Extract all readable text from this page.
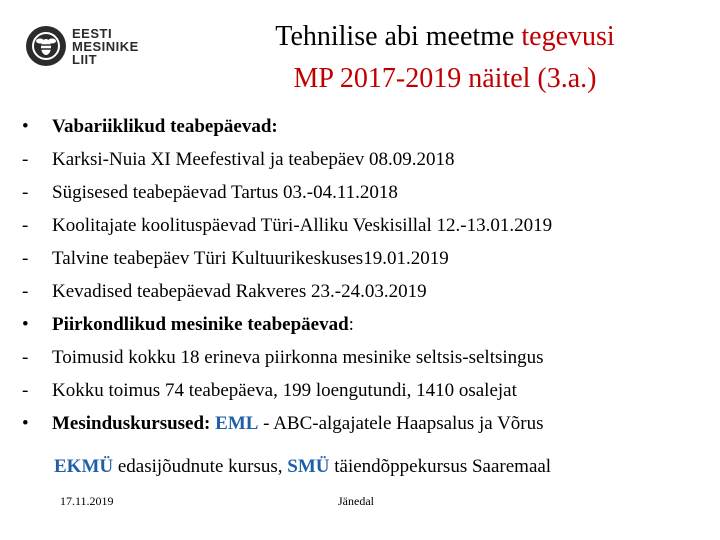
EESTI
MESINIKE
LIIT
Tehnilise abi meetme tegevusi
MP 2017-2019 näitel (3.a.)
•	Vabariiklikud teabepäevad:
-	Karksi-Nuia XI Meefestival ja teabepäev 08.09.2018
-	Sügisesed teabepäevad Tartus 03.-04.11.2018
-	Koolitajate koolituspäevad Türi-Alliku Veskisillal 12.-13.01.2019
-	Talvine teabepäev Türi Kultuurikeskuses19.01.2019
-	Kevadised teabepäevad Rakveres 23.-24.03.2019
•	Piirkondlikud mesinike teabepäevad:
-	Toimusid kokku 18 erineva piirkonna mesinike seltsis-seltsingus
-	Kokku toimus 74 teabepäeva, 199 loengutundi, 1410 osalejat
•	Mesinduskursused: EML - ABC-algajatele Haapsalus ja Võrus
EKMÜ edasijõudnute kursus, SMÜ täiendõppekursus Saaremaal
17.11.2019	Jänedal
